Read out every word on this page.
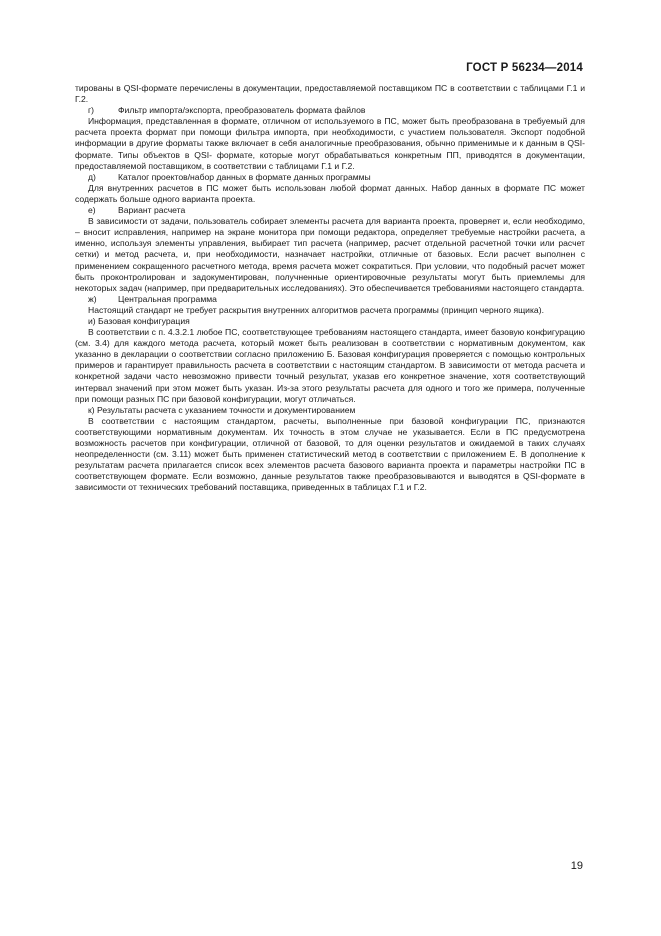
ГОСТ Р 56234—2014

тированы в QSI-формате перечислены в документации, предоставляемой поставщиком ПС в соответствии с таблицами Г.1 и Г.2.

г)	Фильтр импорта/экспорта, преобразователь формата файлов

Информация, представленная в формате, отличном от используемого в ПС, может быть преобразована в требуемый для расчета проекта формат при помощи фильтра импорта, при необходимости, с участием пользователя. Экспорт подобной информации в другие форматы также включает в себя аналогичные преобразования, обычно применимые и к данным в QSI-формате. Типы объектов в QSI- формате, которые могут обрабатываться конкретным ПП, приводятся в документации, предоставляемой поставщиком, в соответствии с таблицами Г.1 и Г.2.

д)	Каталог проектов/набор данных в формате данных программы

Для внутренних расчетов в ПС может быть использован любой формат данных. Набор данных в формате ПС может содержать больше одного варианта проекта.

е)	Вариант расчета

В зависимости от задачи, пользователь собирает элементы расчета для варианта проекта, проверяет и, если необходимо, – вносит исправления, например на экране монитора при помощи редактора, определяет требуемые настройки расчета, а именно, используя элементы управления, выбирает тип расчета (например, расчет отдельной расчетной точки или расчет сетки) и метод расчета, и, при необходимости, назначает настройки, отличные от базовых. Если расчет выполнен с применением сокращенного расчетного метода, время расчета может сократиться. При условии, что подобный расчет может быть проконтролирован и задокументирован, получненные ориентировочные результаты могут быть приемлемы для некоторых задач (например, при предварительных исследованиях). Это обеспечивается требованиями настоящего стандарта.

ж) Центральная программа

Настоящий стандарт не требует раскрытия внутренних алгоритмов расчета программы (принцип черного ящика).

и) Базовая конфигурация

В соответствии с п. 4.3.2.1 любое ПС, соответствующее требованиям настоящего стандарта, имеет базовую конфигурацию (см. 3.4) для каждого метода расчета, который может быть реализован в соответствии с нормативным документом, как указанно в декларации о соответствии согласно приложению Б. Базовая конфигурация проверяется с помощью контрольных примеров и гарантирует правильность расчета в соответствии с настоящим стандартом. В зависимости от метода расчета и конкретной задачи часто невозможно привести точный результат, указав его конкретное значение, хотя соответствующий интервал значений при этом может быть указан. Из-за этого результаты расчета для одного и того же примера, полученные при помощи разных ПС при базовой конфигурации, могут отличаться.

к) Результаты расчета с указанием точности и документированием

В соответствии с настоящим стандартом, расчеты, выполненные при базовой конфигурации ПС, признаются соответствующими нормативным документам. Их точность в этом случае не указывается. Если в ПС предусмотрена возможность расчетов при конфигурации, отличной от базовой, то для оценки результатов и ожидаемой в таких случаях неопределенности (см. 3.11) может быть применен статистический метод в соответствии с приложением Е. В дополнение к результатам расчета прилагается список всех элементов расчета базового варианта проекта и параметры настройки ПС в соответствующем формате. Если возможно, данные результатов также преобразовываются и выводятся в QSI-формате в зависимости от технических требований поставщика, приведенных в таблицах Г.1 и Г.2.

19
